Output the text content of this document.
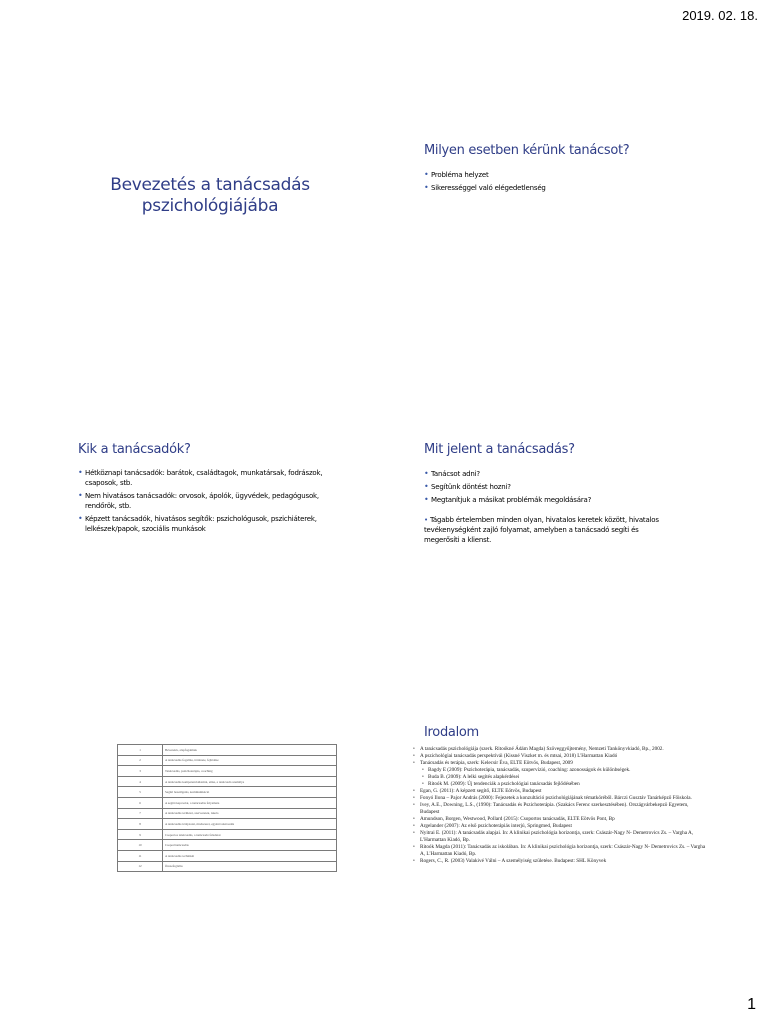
2019. 02. 18.
Bevezetés a tanácsadás pszichológiájába
Milyen esetben kérünk tanácsot?
• Probléma helyzet
• Sikerességgel való elégedetlenség
Kik a tanácsadók?
• Hétköznapi tanácsadók: barátok, családtagok, munkatársak, fodrászok, csaposok, stb.
• Nem hivatásos tanácsadók: orvosok, ápolók, ügyvédek, pedagógusok, rendőrök, stb.
• Képzett tanácsadók, hivatásos segítők: pszichológusok, pszichiáterek, lelkészek/papok, szociális munkások
Mit jelent a tanácsadás?
• Tanácsot adni?
• Segítünk döntést hozni?
• Megtanítjuk a másikat problémák megoldására?
• Tágabb értelemben minden olyan, hivatalos keretek között, hivatalos tevékenységként zajló folyamat, amelyben a tanácsadó segíti és megerősíti a klienst.
1	Bevezetés, alapfogalmak
2	A tanácsadás fogalma, története, fejlődése
3	Tanácsadás, pszichoterápia, coaching
4	A tanácsadás kompetenciahatárai, etika, a tanácsadó személye
5	Segítő beszélgetés, kommunikáció
6	A segítő kapcsolat, a tanácsadás folyamata
7	A tanácsadás területei, szervezetek, iskola
8	A tanácsadás irányzatai, módszerei, egyéni tanácsadás
9	Csoportos tanácsadás, a tanácsadó feladatai
10	Csoporttanácsadás
11	A tanácsadás technikái
12	Összefoglalás
Irodalom
• A tanácsadás pszichológiája (szerk. Ritoókné Ádám Magda) Szöveggyűjtemény, Nemzeti Tankönyvkiadó, Bp., 2002.
• A pszichológiai tanácsadás perspektívái (Kissné Viszket m. és mtsai, 2018) L'Harmattan Kiadó
• Tanácsadás és terápia, szerk: Kelecsir Éva, ELTE Eötvös, Budapest, 2009
• Bagdy E (2009): Pszichoterápia, tanácsadás, szupervízió, coaching: azonosságok és különbségek.
• Buda B. (2009): A lelki segítés alapkérdései
• Ritoók M. (2009): Új tendenciák a pszichológiai tanácsadás fejlődésében
• Egan, G. (2011): A képzett segítő, ELTE Eötvös, Budapest
• Fonyó Ilona – Pajor András (2000): Fejezetek a konzultáció pszichológiájának tématköréből. Bárczi Gusztáv Tanárképző Főiskola.
• Ivey, A.E., Downing, L.S., (1990): Tanácsadás és Pszichoterápia. (Szakács Ferenc szerkesztésében). Országvárbekepzö Egyetem, Budapest
• Amundson, Borgen, Westwood, Pollard (2015): Csoportos tanácsadás, ELTE Eötvös Pont, Bp
• Argelander (2007): Az első pszichoterápiás interjú, Springmed, Budapest
• Nyitrai E. (2011): A tanácsadás alapjai. In: A klinikai pszichológia horizontja, szerk: Császár-Nagy N- Demetrovics Zs. – Vargha A, L'Harmattan Kiadó, Bp.
• Ritoók Magda (2011): Tanácsadás az iskolában. In: A klinikai pszichológia horizontja, szerk: Császár-Nagy N- Demetrovics Zs. – Vargha A, L'Harmattan Kiadó, Bp.
• Rogers, C., R. (2003) Valakivé Válni – A személyiség születése. Budapest: SHL Könyvek
1
